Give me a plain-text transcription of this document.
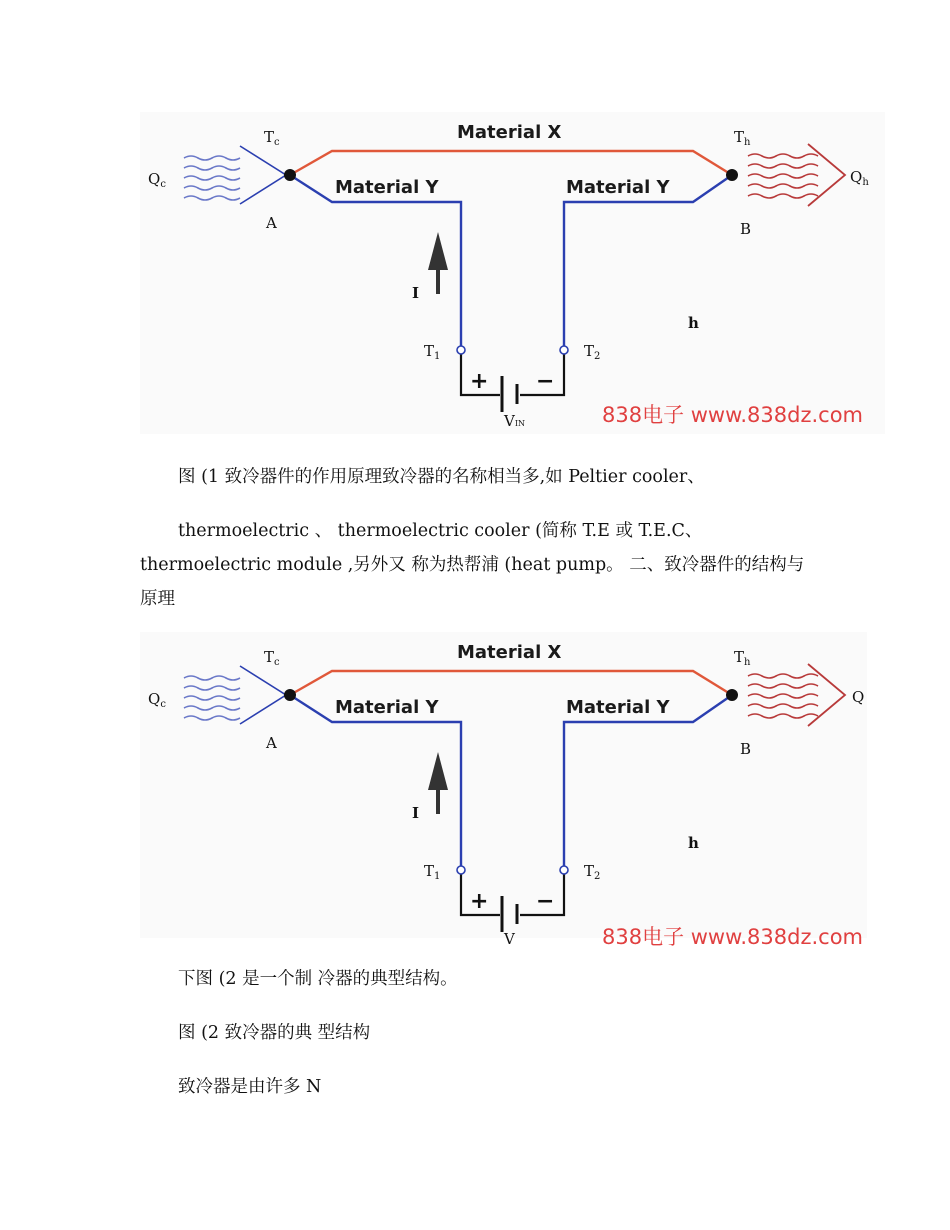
Material X
Material Y	Material Y
$T_c$	$T_h$
$Q_c$	$Q_h$
A	B
I
h
$T_1$	$T_2$
+ −
VIN	838电子 www.838dz.com

图 (1 致冷器件的作用原理致冷器的名称相当多,如 Peltier cooler、

thermoelectric 、 thermoelectric cooler (简称 T.E 或 T.E.C、thermoelectric module ,另外又 称为热帮浦 (heat pump。 二、致冷器件的结构与原理

Material X
Material Y	Material Y
$T_c$	$T_h$
$Q_c$	Q
A	B
I
h
$T_1$	$T_2$
+ −
V	838电子 www.838dz.com

下图 (2 是一个制 冷器的典型结构。

图 (2 致冷器的典 型结构

致冷器是由许多 N
